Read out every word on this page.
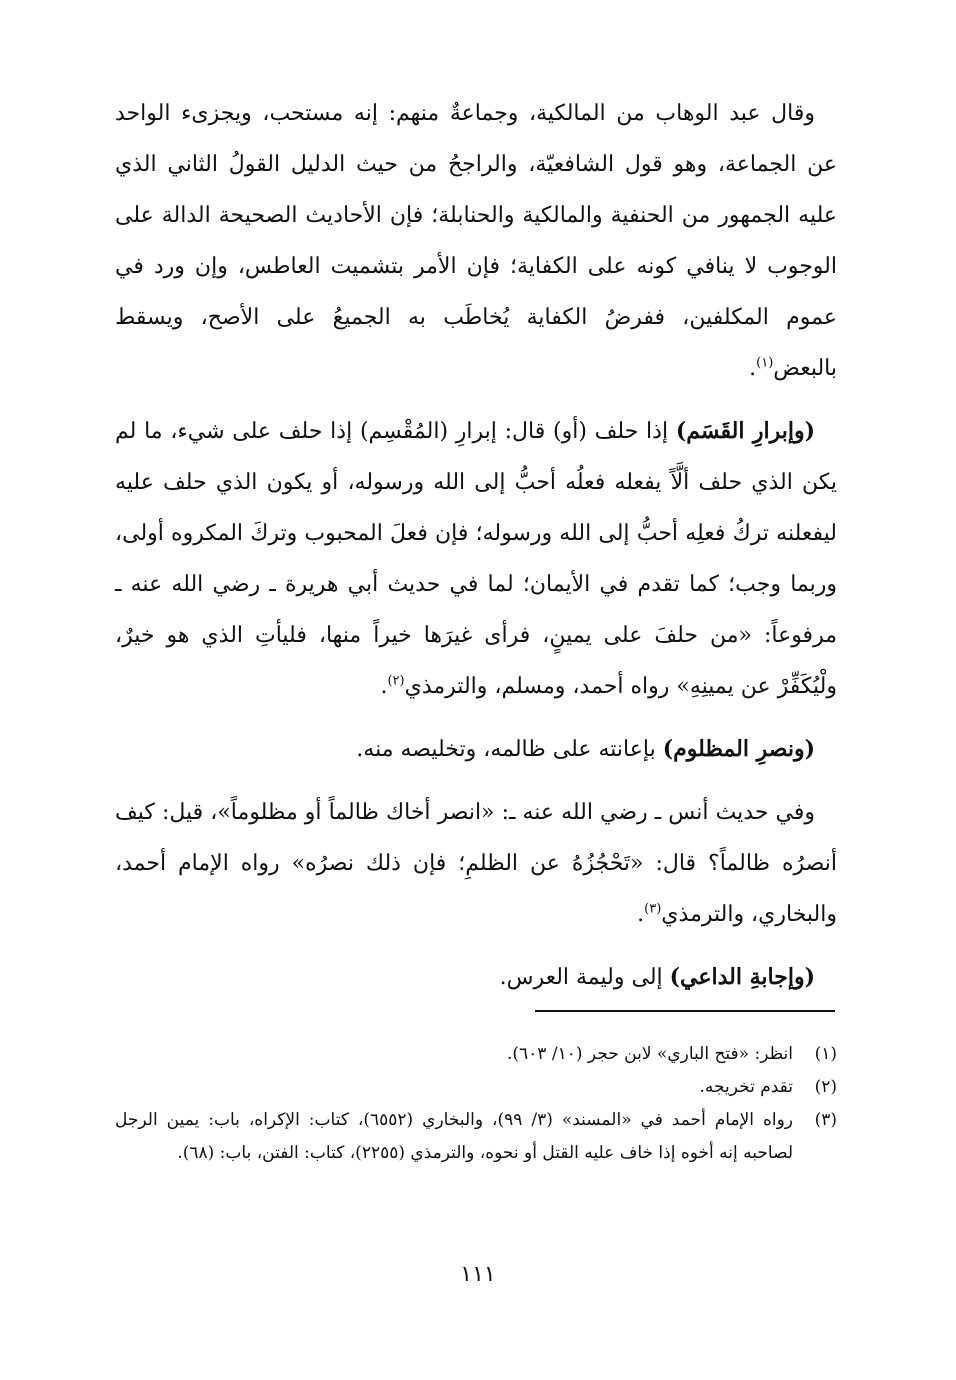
وقال عبد الوهاب من المالكية، وجماعةٌ منهم: إنه مستحب، ويجزىء الواحد عن الجماعة، وهو قول الشافعيّة، والراجحُ من حيث الدليل القولُ الثاني الذي عليه الجمهور من الحنفية والمالكية والحنابلة؛ فإن الأحاديث الصحيحة الدالة على الوجوب لا ينافي كونه على الكفاية؛ فإن الأمر بتشميت العاطس، وإن ورد في عموم المكلفين، ففرضُ الكفاية يُخاطَب به الجميعُ على الأصح، ويسقط بالبعض$^{(١)}$.

(وإبرارِ القَسَم) إذا حلف (أو) قال: إبرارِ (المُقْسِم) إذا حلف على شيء، ما لم يكن الذي حلف ألَّاً يفعله فعلُه أحبُّ إلى الله ورسوله، أو يكون الذي حلف عليه ليفعلنه تركُ فعلِه أحبُّ إلى الله ورسوله؛ فإن فعلَ المحبوب وتركَ المكروه أولى، وربما وجب؛ كما تقدم في الأيمان؛ لما في حديث أبي هريرة ـ رضي الله عنه ـ مرفوعاً: «من حلفَ على يمينٍ، فرأى غيرَها خيراً منها، فليأتِ الذي هو خيرٌ، ولْيُكَفِّرْ عن يمينِهِ» رواه أحمد، ومسلم، والترمذي$^{(٢)}$.

(ونصرِ المظلوم) بإعانته على ظالمه، وتخليصه منه.

وفي حديث أنس ـ رضي الله عنه ـ: «انصر أخاك ظالماً أو مظلوماً»، قيل: كيف أنصرُه ظالماً؟ قال: «تَحْجُزُهُ عن الظلمِ؛ فإن ذلك نصرُه» رواه الإمام أحمد، والبخاري، والترمذي$^{(٣)}$.

(وإجابةِ الداعي) إلى وليمة العرس.

(١)
انظر: «فتح الباري» لابن حجر (١٠/ ٦٠٣).
(٢)
تقدم تخريجه.
(٣)
رواه الإمام أحمد في «المسند» (٣/ ٩٩)، والبخاري (٦٥٥٢)، كتاب: الإكراه، باب: يمين الرجل لصاحبه إنه أخوه إذا خاف عليه القتل أو نحوه، والترمذي (٢٢٥٥)، كتاب: الفتن، باب: (٦٨).
١١١
